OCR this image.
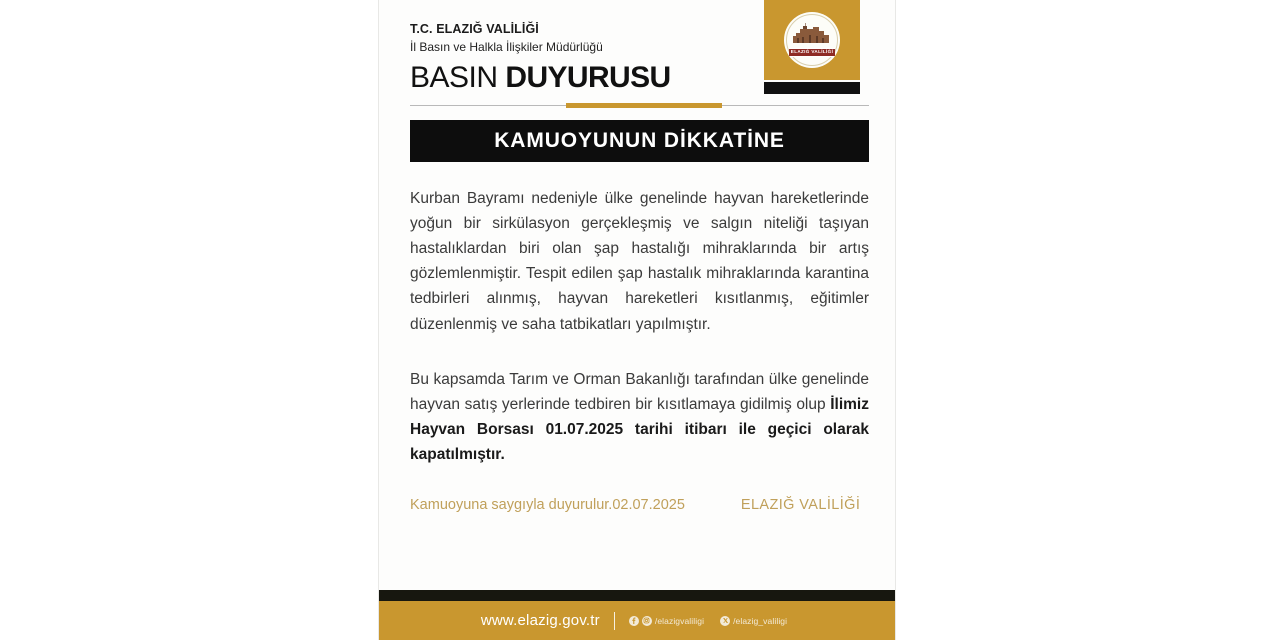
T.C. ELAZIĞ VALİLİĞİ
İl Basın ve Halkla İlişkiler Müdürlüğü
BASIN DUYURUSU
ELAZIĞ VALİLİĞİ
KAMUOYUNUN DİKKATİNE

Kurban Bayramı nedeniyle ülke genelinde hayvan hareketlerinde yoğun bir sirkülasyon gerçekleşmiş ve salgın niteliği taşıyan hastalıklardan biri olan şap hastalığı mihraklarında bir artış gözlemlenmiştir. Tespit edilen şap hastalık mihraklarında karantina tedbirleri alınmış, hayvan hareketleri kısıtlanmış, eğitimler düzenlenmiş ve saha tatbikatları yapılmıştır.

Bu kapsamda Tarım ve Orman Bakanlığı tarafından ülke genelinde hayvan satış yerlerinde tedbiren bir kısıtlamaya gidilmiş olup İlimiz Hayvan Borsası 01.07.2025 tarihi itibarı ile geçici olarak kapatılmıştır.

Kamuoyuna saygıyla duyurulur.02.07.2025	ELAZIĞ VALİLİĞİ
www.elazig.gov.tr	/elazigvaliligi	/elazig_valiligi
